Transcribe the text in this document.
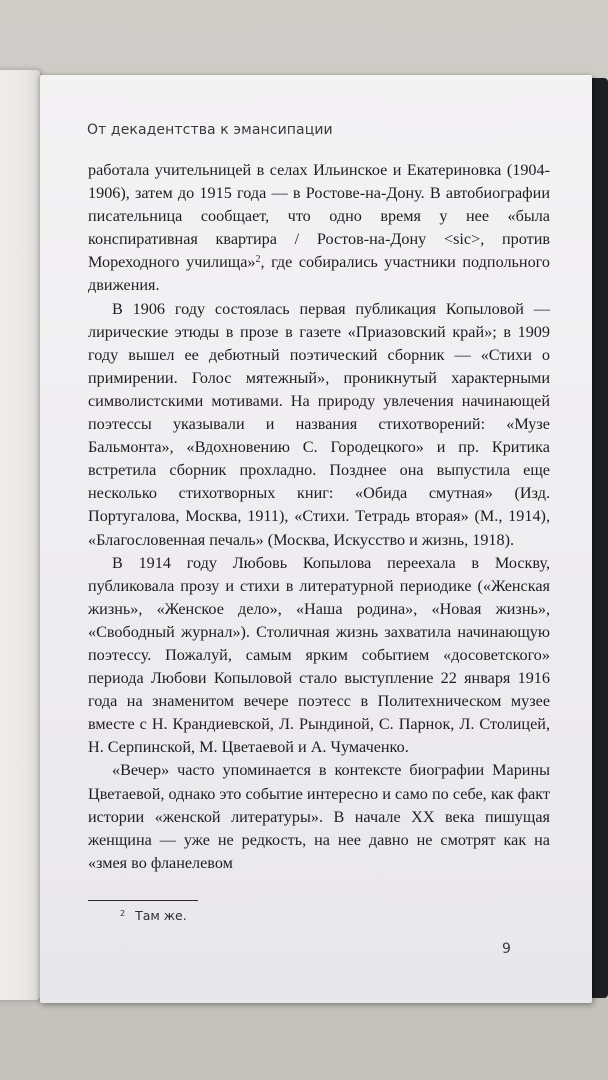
От декадентства к эмансипации

работала учительницей в селах Ильинское и Екатериновка (1904-1906), затем до 1915 года — в Ростове-на-Дону. В автобиографии писательница сообщает, что одно время у нее «была конспиративная квартира / Ростов-на-Дону <sic>, против Мореходного училища»$^2$, где собирались участники подпольного движения.

В 1906 году состоялась первая публикация Копыловой — лирические этюды в прозе в газете «Приазовский край»; в 1909 году вышел ее дебютный поэтический сборник — «Стихи о примирении. Голос мятежный», проникнутый характерными символистскими мотивами. На природу увлечения начинающей поэтессы указывали и названия стихотворений: «Музе Бальмонта», «Вдохновению С. Городецкого» и пр. Критика встретила сборник прохладно. Позднее она выпустила еще несколько стихотворных книг: «Обида смутная» (Изд. Португалова, Москва, 1911), «Стихи. Тетрадь вторая» (М., 1914), «Благословенная печаль» (Москва, Искусство и жизнь, 1918).

В 1914 году Любовь Копылова переехала в Москву, публиковала прозу и стихи в литературной периодике («Женская жизнь», «Женское дело», «Наша родина», «Новая жизнь», «Свободный журнал»). Столичная жизнь захватила начинающую поэтессу. Пожалуй, самым ярким событием «досоветского» периода Любови Копыловой стало выступление 22 января 1916 года на знаменитом вечере поэтесс в Политехническом музее вместе с Н. Крандиевской, Л. Рындиной, С. Парнок, Л. Столицей, Н. Серпинской, М. Цветаевой и А. Чумаченко.

«Вечер» часто упоминается в контексте биографии Марины Цветаевой, однако это событие интересно и само по себе, как факт истории «женской литературы». В начале XX века пишущая женщина — уже не редкость, на нее давно не смотрят как на «змея во фланелевом

$^2$ Там же.
9
